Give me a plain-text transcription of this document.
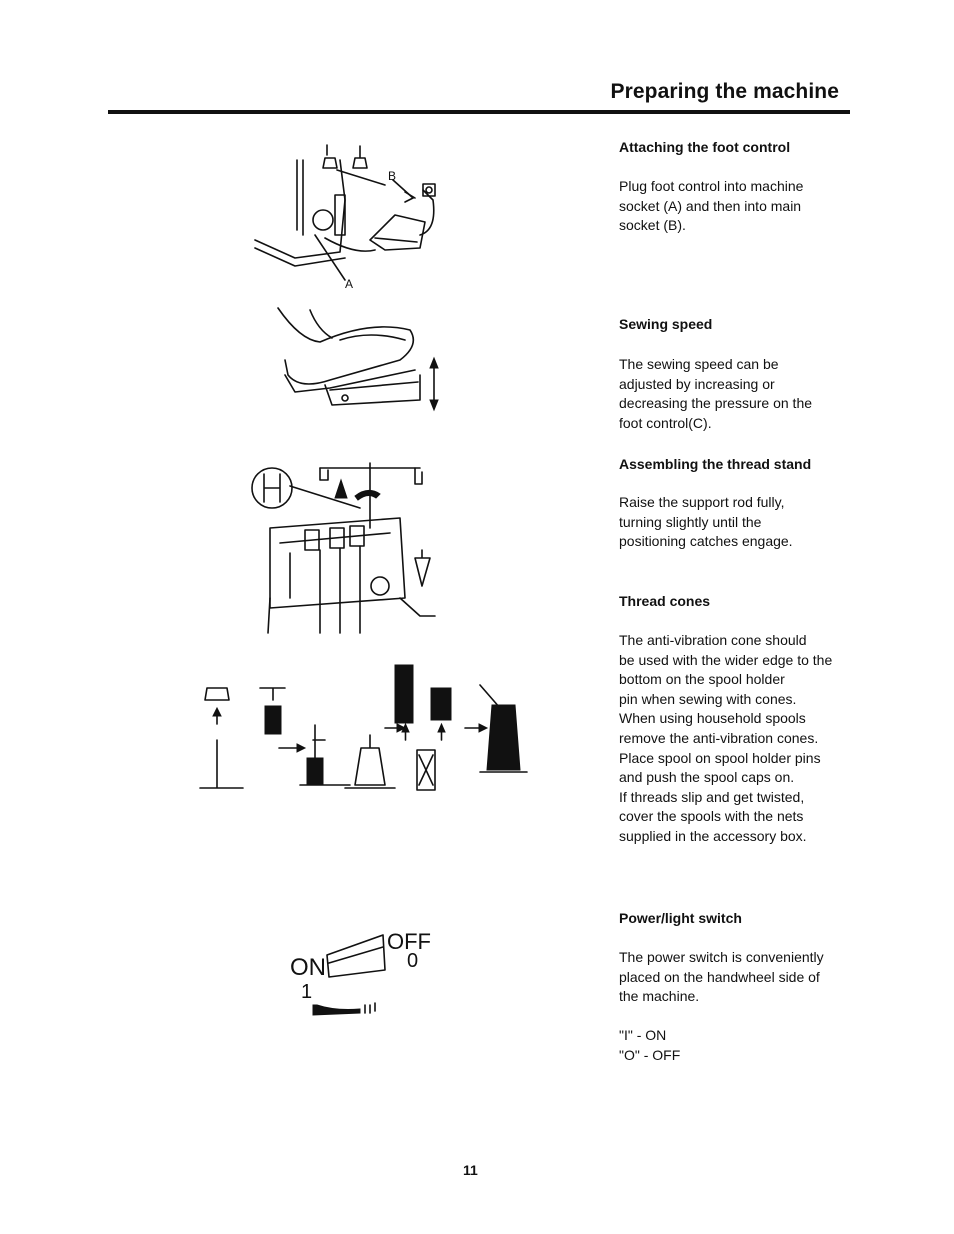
Preparing the machine
Attaching the foot control

Plug foot control into machine
socket (A) and then into main
socket (B).

Sewing speed

The sewing speed can be
adjusted by increasing or
decreasing the pressure on the
foot control(C).

Assembling the thread stand

Raise the support rod fully,
turning slightly until the
positioning catches engage.

Thread cones

The anti-vibration cone should
be used with the wider edge to the
bottom on the spool holder
pin when sewing with cones.
When using household spools
remove the anti-vibration cones.
Place spool on spool holder pins
and push the spool caps on.
If threads slip and get twisted,
cover the spools with the nets
supplied in the accessory box.

Power/light switch

The power switch is conveniently
placed on the handwheel side of
the machine.

"I" - ON

"O" - OFF

11
A
B
ON
1
OFF
0
